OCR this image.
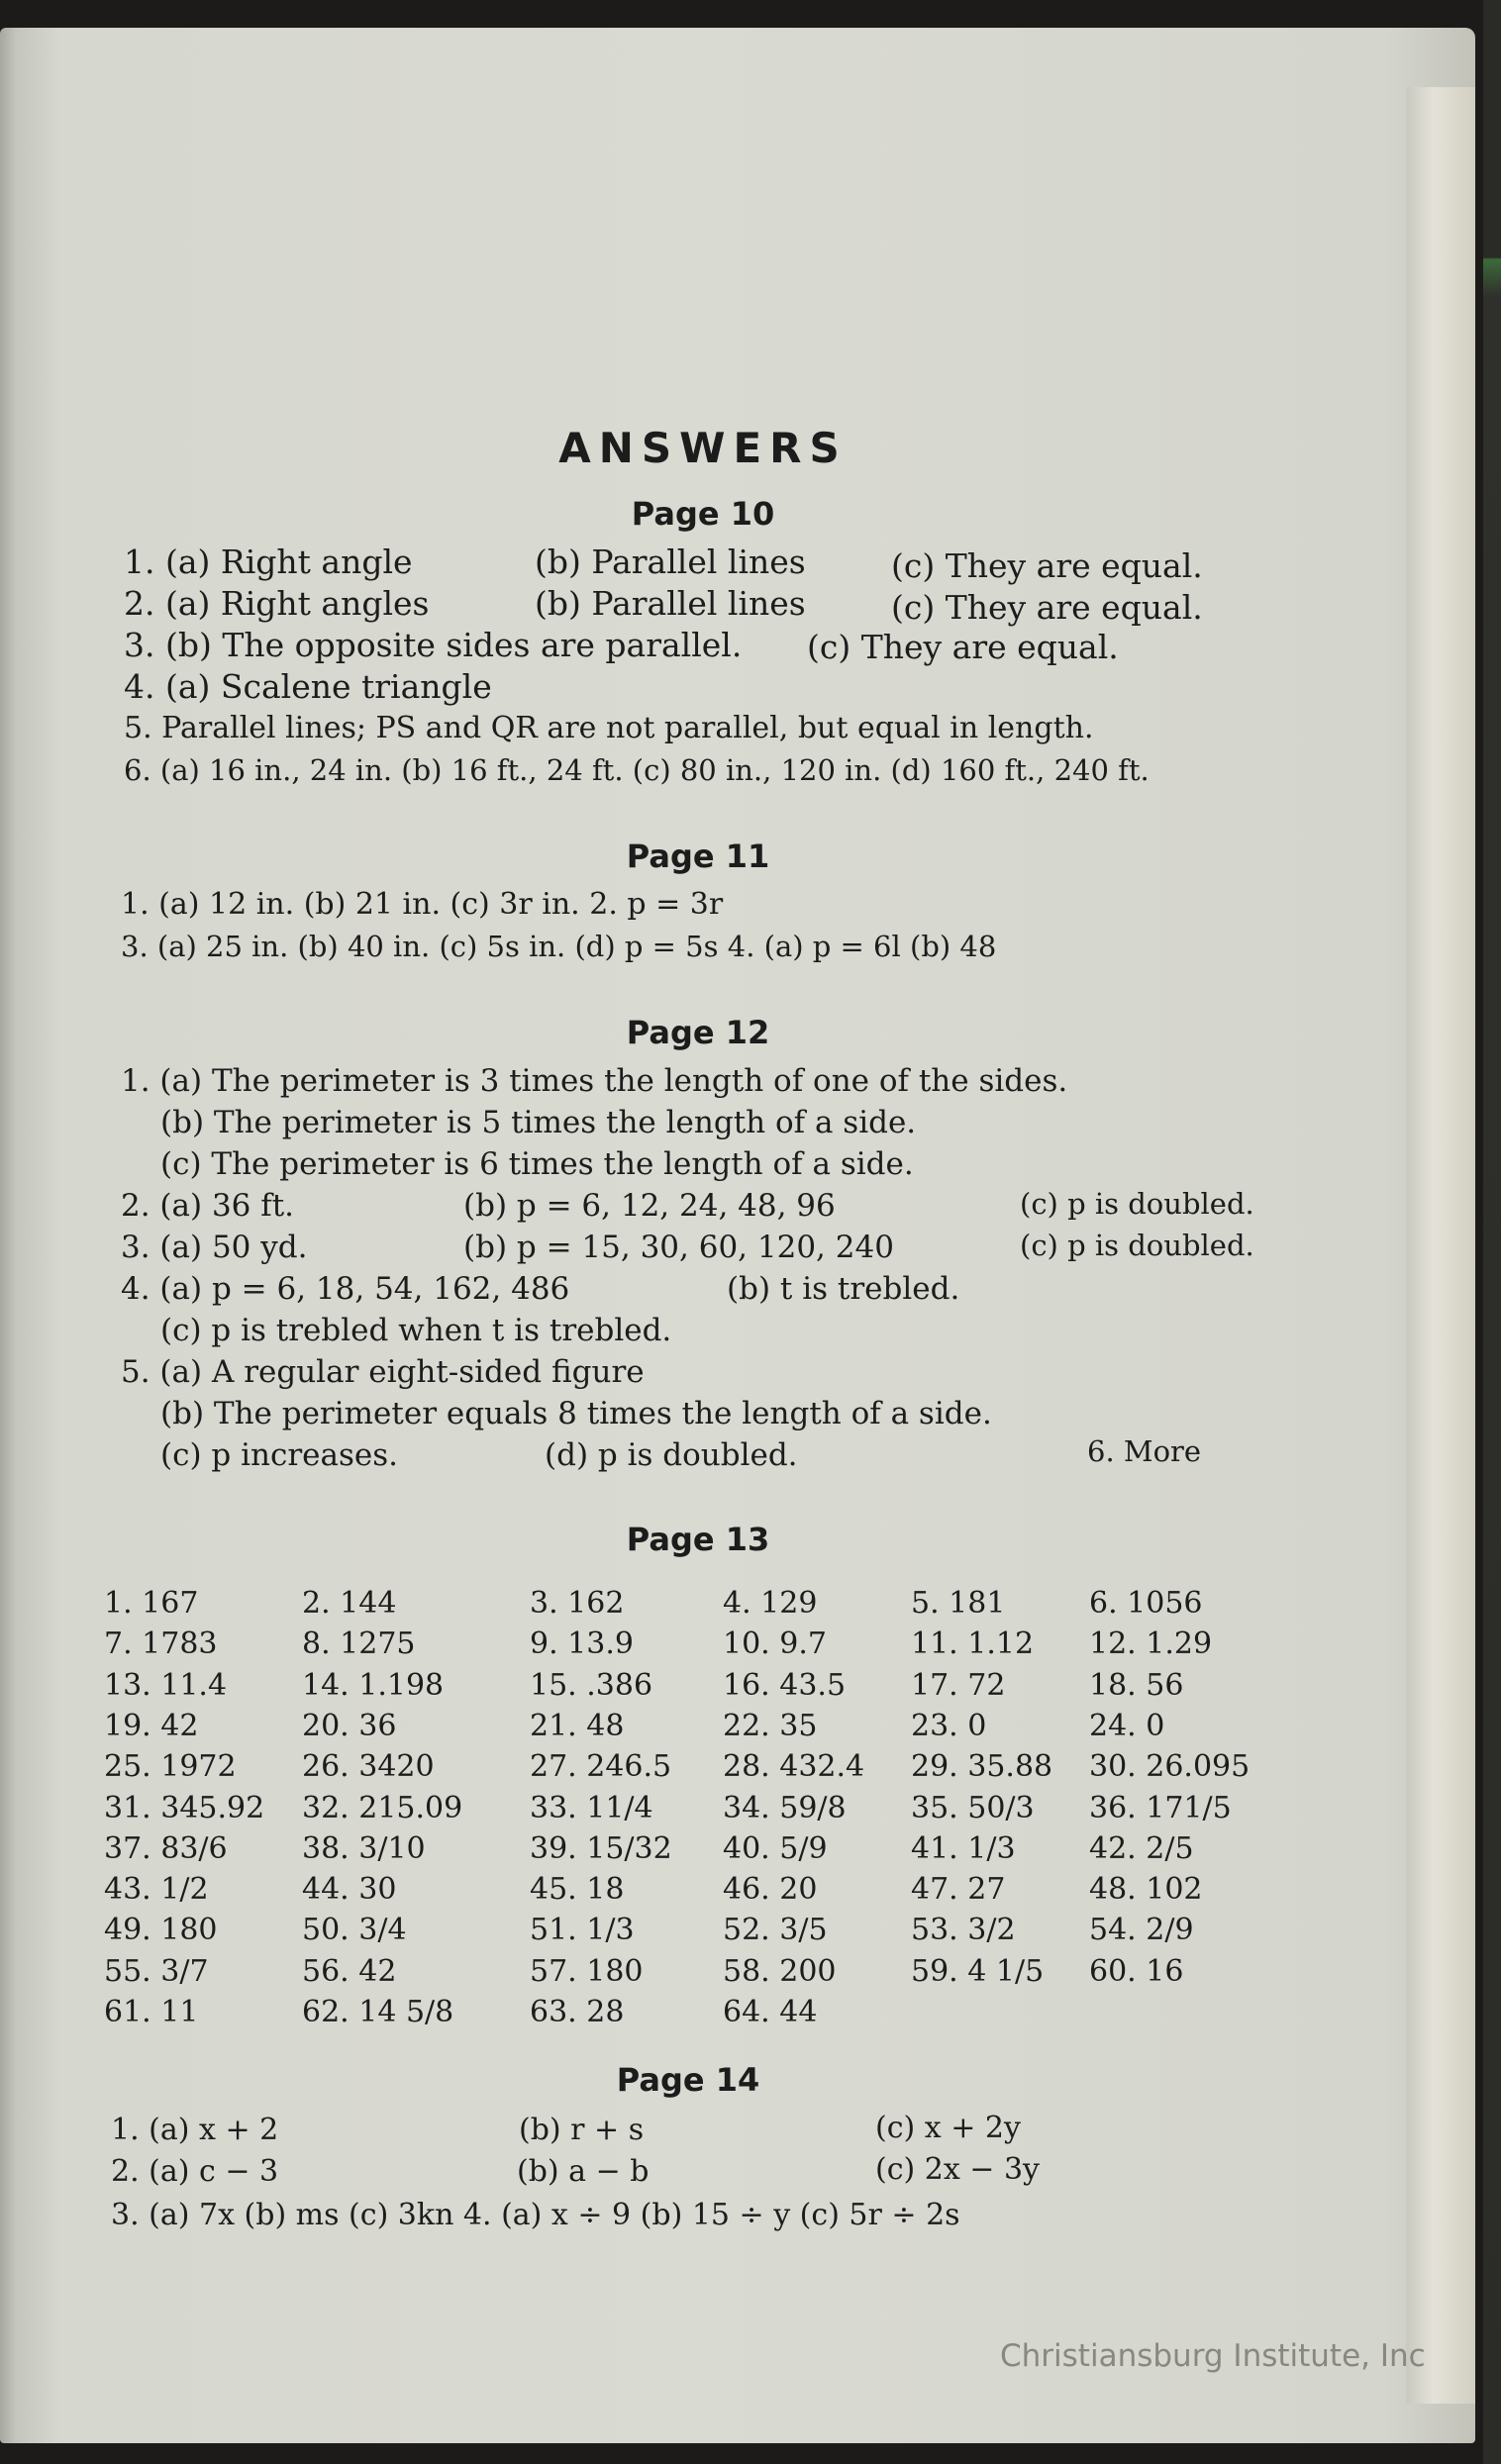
ANSWERS
Page 10
1. (a) Right angle	(b) Parallel lines	(c) They are equal.
2. (a) Right angles	(b) Parallel lines	(c) They are equal.
3. (b) The opposite sides are parallel. (c) They are equal.
4. (a) Scalene triangle
5. Parallel lines; PS and QR are not parallel, but equal in length.
6. (a) 16 in., 24 in. (b) 16 ft., 24 ft. (c) 80 in., 120 in. (d) 160 ft., 240 ft.
Page 11
1. (a) 12 in. (b) 21 in. (c) 3r in. 2. p = 3r
3. (a) 25 in. (b) 40 in. (c) 5s in. (d) p = 5s 4. (a) p = 6l (b) 48
Page 12
1. (a) The perimeter is 3 times the length of one of the sides.
(b) The perimeter is 5 times the length of a side.
(c) The perimeter is 6 times the length of a side.
2. (a) 36 ft.	(b) p = 6, 12, 24, 48, 96	(c) p is doubled.
3. (a) 50 yd.	(b) p = 15, 30, 60, 120, 240	(c) p is doubled.
4. (a) p = 6, 18, 54, 162, 486	(b) t is trebled.
(c) p is trebled when t is trebled.
5. (a) A regular eight-sided figure
(b) The perimeter equals 8 times the length of a side.
(c) p increases.	(d) p is doubled.	6. More
Page 13
1. 167	2. 144	3. 162	4. 129	5. 181	6. 1056
7. 1783	8. 1275	9. 13.9	10. 9.7	11. 1.12 12. 1.29
13. 11.4	14. 1.198	15. .386 16. 43.5 17. 72	18. 56
19. 42	20. 36	21. 48	22. 35	23. 0	24. 0
25. 1972 26. 3420	27. 246.5 28. 432.4 29. 35.88 30. 26.095
31. 345.92 32. 215.09 33. 11/4 34. 59/8 35. 50/3 36. 171/5
37. 83/6	38. 3/10	39. 15/32 40. 5/9	41. 1/3 42. 2/5
43. 1/2	44. 30	45. 18	46. 20	47. 27	48. 102
49. 180	50. 3/4	51. 1/3	52. 3/5	53. 3/2 54. 2/9
55. 3/7	56. 42	57. 180	58. 200	59. 4 1/5 60. 16
61. 11	62. 14 5/8	63. 28	64. 44
Page 14
1. (a) x + 2	(b) r + s	(c) x + 2y
2. (a) c − 3	(b) a − b	(c) 2x − 3y
3. (a) 7x (b) ms (c) 3kn 4. (a) x ÷ 9 (b) 15 ÷ y (c) 5r ÷ 2s
Christiansburg Institute, Inc
